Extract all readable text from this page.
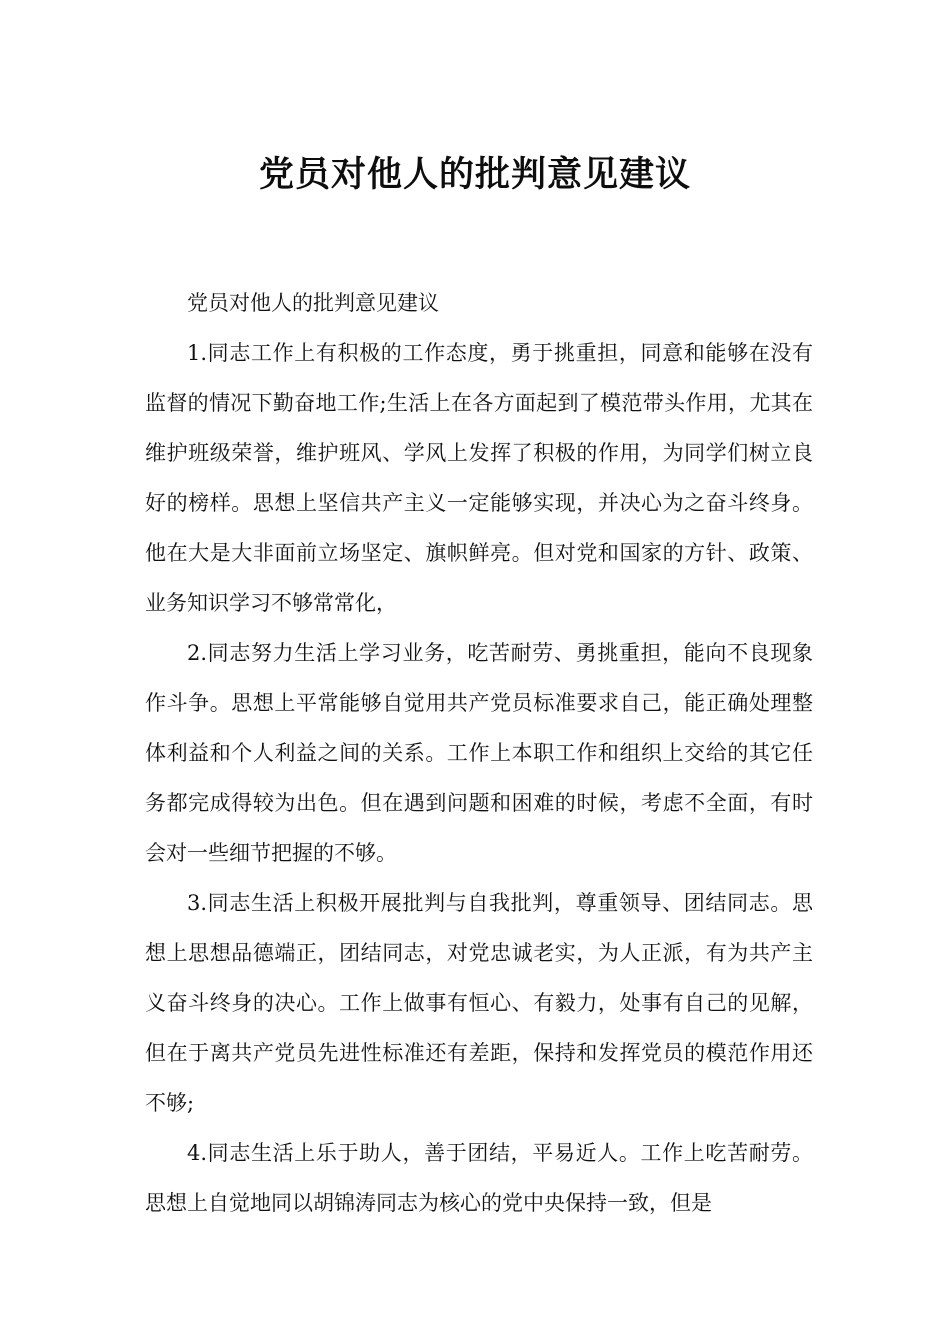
党员对他人的批判意见建议

党员对他人的批判意见建议

1.同志工作上有积极的工作态度，勇于挑重担，同意和能够在没有监督的情况下勤奋地工作;生活上在各方面起到了模范带头作用，尤其在维护班级荣誉，维护班风、学风上发挥了积极的作用，为同学们树立良好的榜样。思想上坚信共产主义一定能够实现，并决心为之奋斗终身。他在大是大非面前立场坚定、旗帜鲜亮。但对党和国家的方针、政策、业务知识学习不够常常化，

2.同志努力生活上学习业务，吃苦耐劳、勇挑重担，能向不良现象作斗争。思想上平常能够自觉用共产党员标准要求自己，能正确处理整体利益和个人利益之间的关系。工作上本职工作和组织上交给的其它任务都完成得较为出色。但在遇到问题和困难的时候，考虑不全面，有时会对一些细节把握的不够。

3.同志生活上积极开展批判与自我批判，尊重领导、团结同志。思想上思想品德端正，团结同志，对党忠诚老实，为人正派，有为共产主义奋斗终身的决心。工作上做事有恒心、有毅力，处事有自己的见解，但在于离共产党员先进性标准还有差距，保持和发挥党员的模范作用还不够;

4.同志生活上乐于助人，善于团结，平易近人。工作上吃苦耐劳。思想上自觉地同以胡锦涛同志为核心的党中央保持一致，但是
